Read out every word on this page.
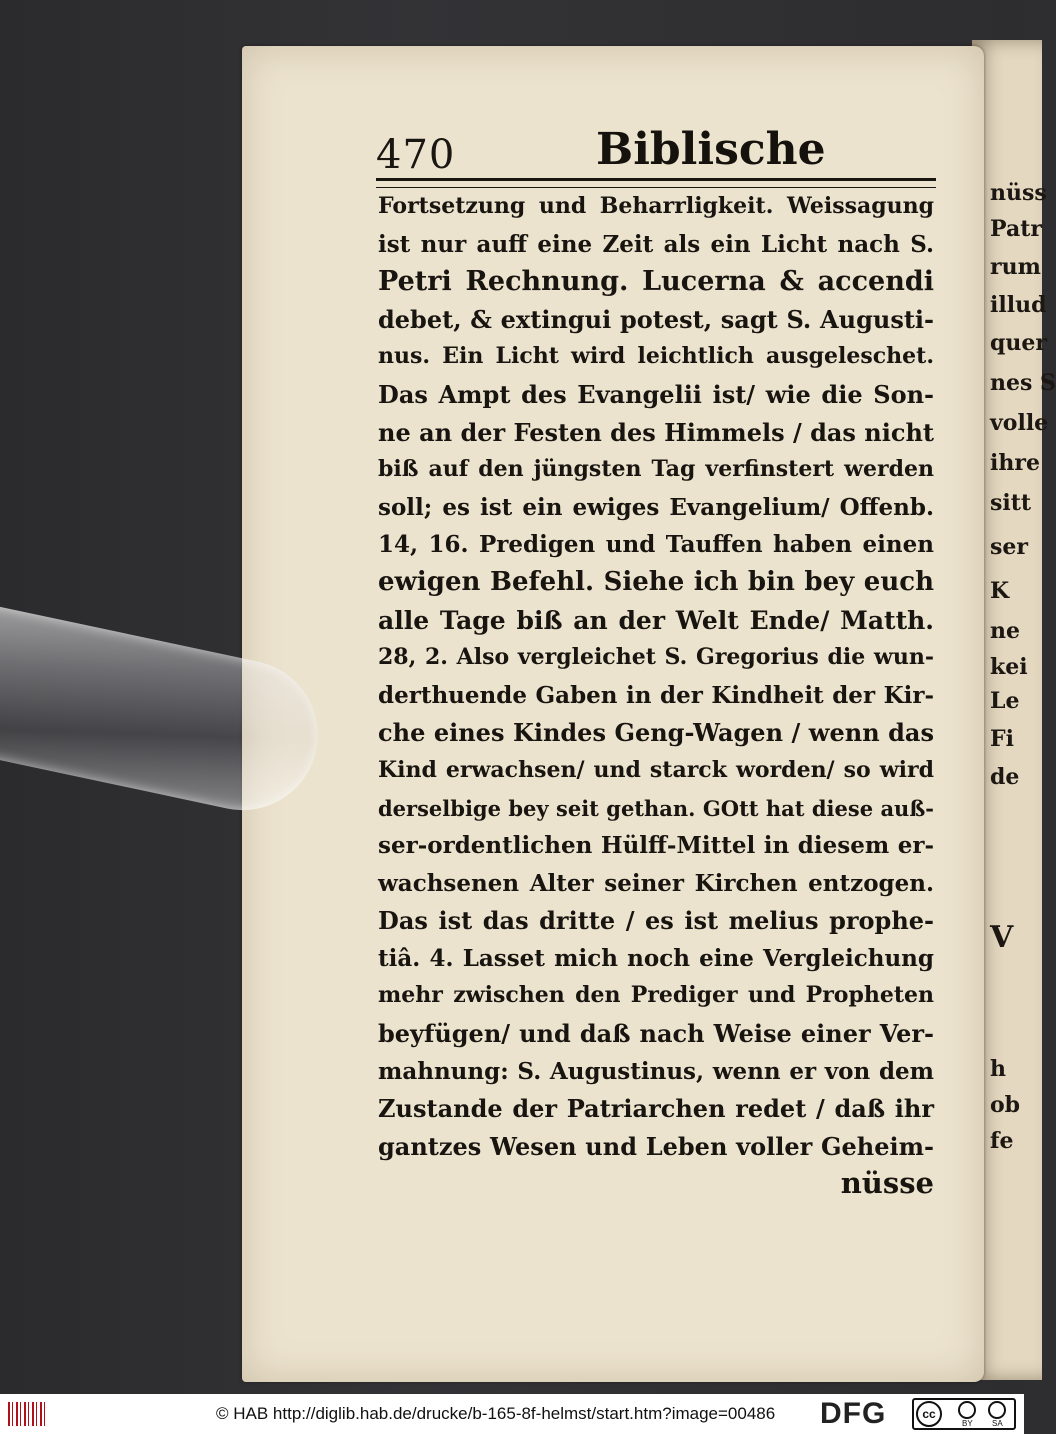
nüss
Patr
rum
illud
quer
nes S
volle
ihre
sitt
ser
K
ne
kei
Le
Fi
de
V
h
ob
fe
470	Biblische
Fortsetzung und Beharrligkeit. Weissagung
ist nur auff eine Zeit als ein Licht nach S.
Petri Rechnung. Lucerna & accendi
debet, & extingui potest, sagt S. Augusti-
nus. Ein Licht wird leichtlich ausgeleschet.
Das Ampt des Evangelii ist/ wie die Son-
ne an der Festen des Himmels / das nicht
biß auf den jüngsten Tag verfinstert werden
soll; es ist ein ewiges Evangelium/ Offenb.
14, 16. Predigen und Tauffen haben einen
ewigen Befehl. Siehe ich bin bey euch
alle Tage biß an der Welt Ende/ Matth.
28, 2. Also vergleichet S. Gregorius die wun-
derthuende Gaben in der Kindheit der Kir-
che eines Kindes Geng-Wagen / wenn das
Kind erwachsen/ und starck worden/ so wird
derselbige bey seit gethan. GOtt hat diese auß-
ser-ordentlichen Hülff-Mittel in diesem er-
wachsenen Alter seiner Kirchen entzogen.
Das ist das dritte / es ist melius prophe-
tiâ. 4. Lasset mich noch eine Vergleichung
mehr zwischen den Prediger und Propheten
beyfügen/ und daß nach Weise einer Ver-
mahnung: S. Augustinus, wenn er von dem
Zustande der Patriarchen redet / daß ihr
gantzes Wesen und Leben voller Geheim-
nüsse
© HAB http://diglib.hab.de/drucke/b-165-8f-helmst/start.htm?image=00486 DFG	cc
BY SA
